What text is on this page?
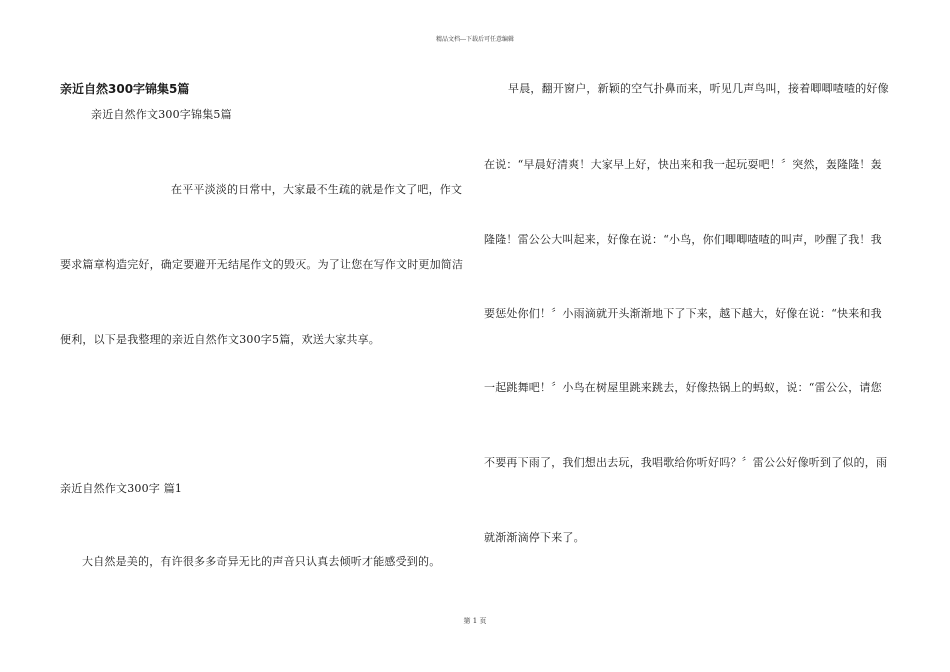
精品文档---下载后可任意编辑
亲近自然300字锦集5篇
亲近自然作文300字锦集5篇
在平平淡淡的日常中，大家最不生疏的就是作文了吧，作文
要求篇章构造完好，确定要避开无结尾作文的毁灭。为了让您在写作文时更加简洁
便利，以下是我整理的亲近自然作文300字5篇，欢送大家共享。
亲近自然作文300字 篇1
大自然是美的，有许很多多奇异无比的声音只认真去倾听才能感受到的。
早晨，翻开窗户，新颖的空气扑鼻而来，听见几声鸟叫，接着唧唧喳喳的好像
在说：“早晨好清爽！大家早上好，快出来和我一起玩耍吧！〞突然，轰隆隆！轰
隆隆！雷公公大叫起来，好像在说：“小鸟，你们唧唧喳喳的叫声，吵醒了我！我
要惩处你们！〞小雨滴就开头渐渐地下了下来，越下越大，好像在说：“快来和我
一起跳舞吧！〞小鸟在树屋里跳来跳去，好像热锅上的蚂蚁，说：“雷公公，请您
不要再下雨了，我们想出去玩，我唱歌给你听好吗？〞雷公公好像听到了似的，雨
就渐渐滴停下来了。
第 1 页
